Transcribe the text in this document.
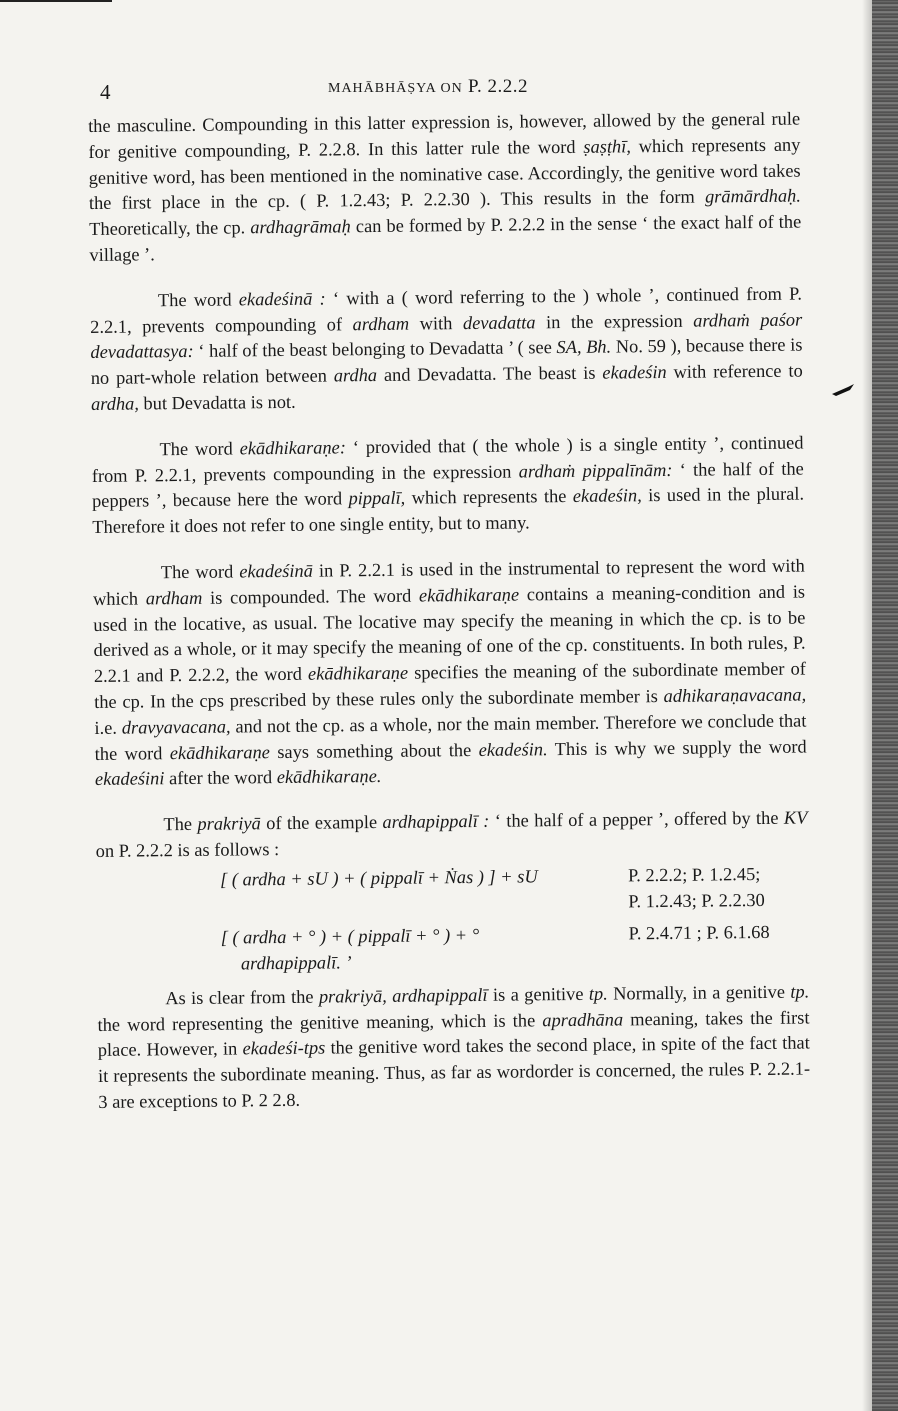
4	MAHĀBHĀṢYA ON P. 2.2.2

the masculine. Compounding in this latter expression is, however, allowed by the general rule for genitive compounding, P. 2.2.8. In this latter rule the word ṣaṣṭhī, which represents any genitive word, has been mentioned in the nominative case. Accordingly, the genitive word takes the first place in the cp. ( P. 1.2.43; P. 2.2.30 ). This results in the form grāmārdhaḥ. Theoretically, the cp. ardhagrāmaḥ can be formed by P. 2.2.2 in the sense ‘ the exact half of the village ’.

The word ekadeśinā : ‘ with a ( word referring to the ) whole ’, continued from P. 2.2.1, prevents compounding of ardham with devadatta in the expression ardhaṁ paśor devadattasya: ‘ half of the beast belonging to Devadatta ’ ( see SA, Bh. No. 59 ), because there is no part-whole relation between ardha and Devadatta. The beast is ekadeśin with reference to ardha, but Devadatta is not.

The word ekādhikaraṇe: ‘ provided that ( the whole ) is a single entity ’, continued from P. 2.2.1, prevents compounding in the expression ardhaṁ pippalīnām: ‘ the half of the peppers ’, because here the word pippalī, which represents the ekadeśin, is used in the plural. Therefore it does not refer to one single entity, but to many.

The word ekadeśinā in P. 2.2.1 is used in the instrumental to represent the word with which ardham is compounded. The word ekādhikaraṇe contains a meaning-condition and is used in the locative, as usual. The locative may specify the meaning in which the cp. is to be derived as a whole, or it may specify the meaning of one of the cp. constituents. In both rules, P. 2.2.1 and P. 2.2.2, the word ekādhikaraṇe specifies the meaning of the subordinate member of the cp. In the cps prescribed by these rules only the subordinate member is adhikaraṇavacana, i.e. dravyavacana, and not the cp. as a whole, nor the main member. Therefore we conclude that the word ekādhikaraṇe says something about the ekadeśin. This is why we supply the word ekadeśini after the word ekādhikaraṇe.

The prakriyā of the example ardhapippalī : ‘ the half of a pepper ’, offered by the KV on P. 2.2.2 is as follows :

[ ( ardha + sU ) + ( pippalī + Ṅas ) ] + sU	P. 2.2.2; P. 1.2.45;
P. 1.2.43; P. 2.2.30
[ ( ardha + ° ) + ( pippalī + ° ) + °	P. 2.4.71 ; P. 6.1.68
ardhapippalī. ’

As is clear from the prakriyā, ardhapippalī is a genitive tp. Normally, in a genitive tp. the word representing the genitive meaning, which is the apradhāna meaning, takes the first place. However, in ekadeśi-tps the genitive word takes the second place, in spite of the fact that it represents the subordinate meaning. Thus, as far as wordorder is concerned, the rules P. 2.2.1-3 are exceptions to P. 2 2.8.
